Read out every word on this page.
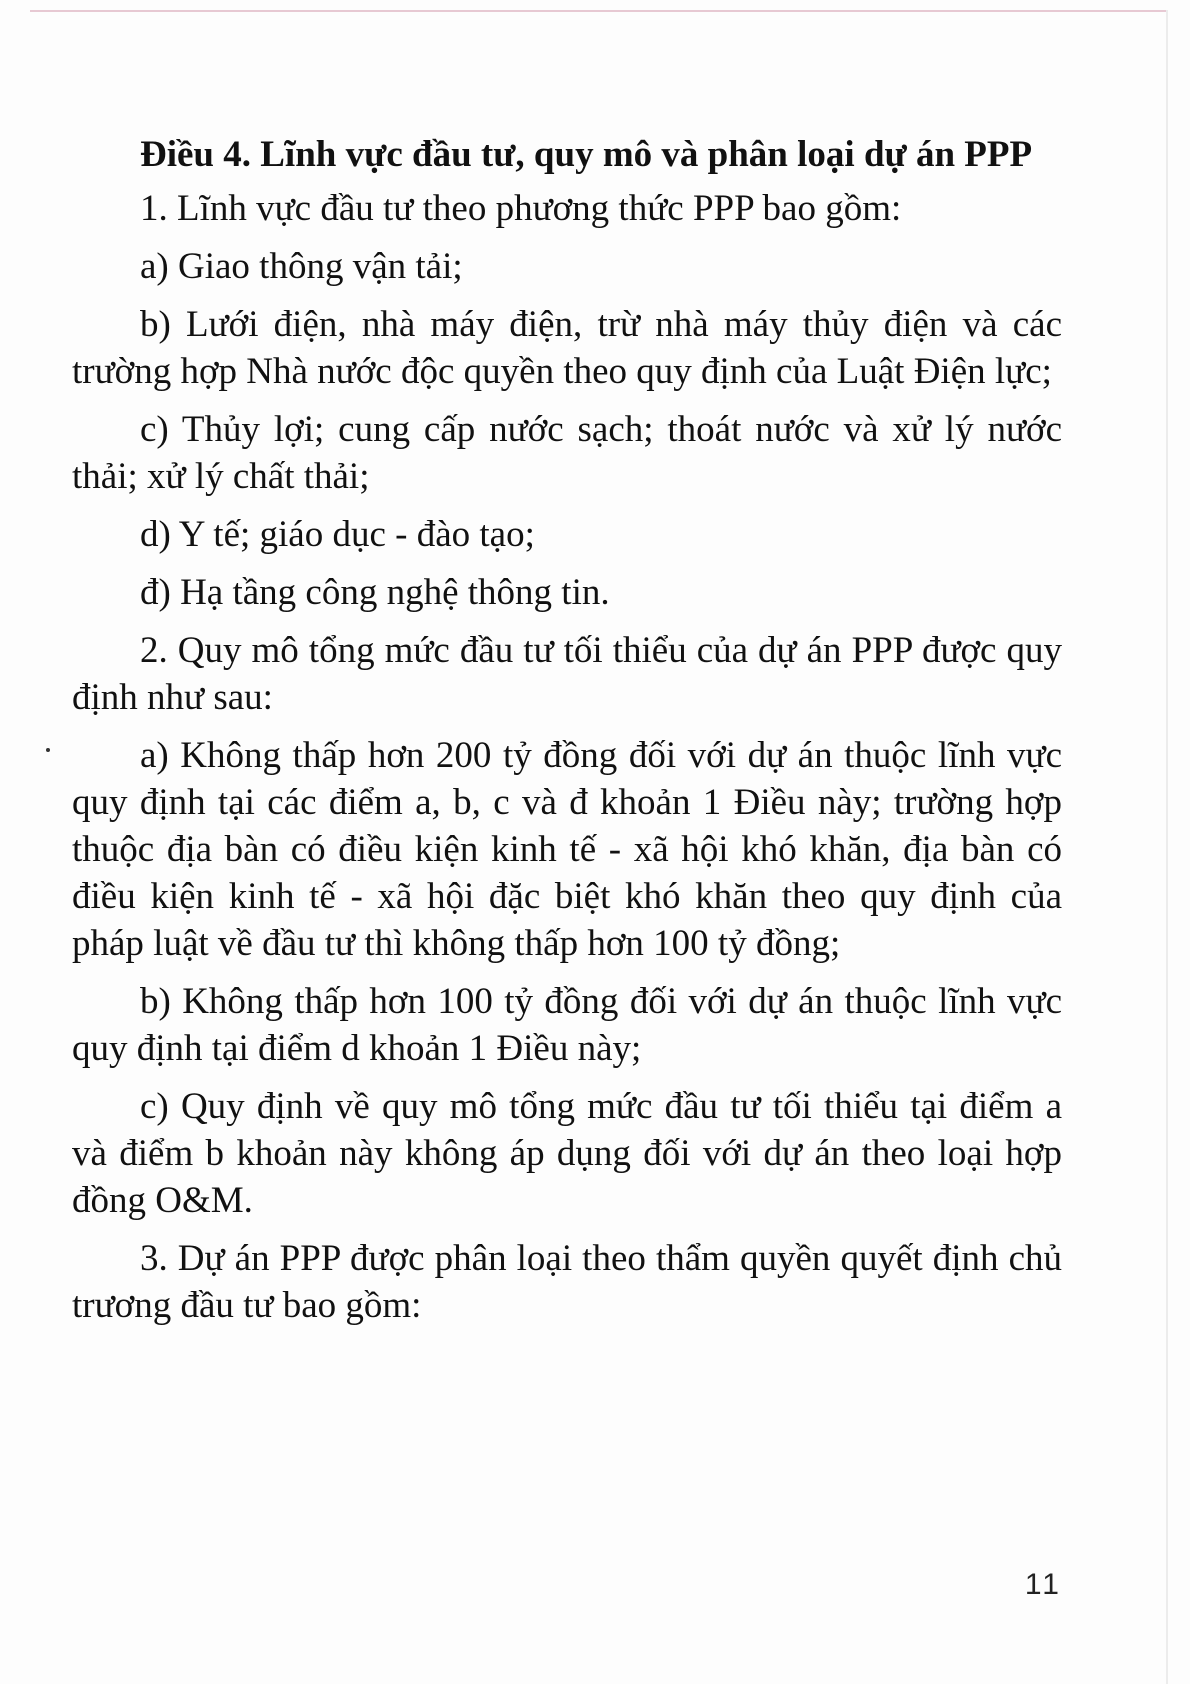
Điều 4. Lĩnh vực đầu tư, quy mô và phân loại dự án PPP

1. Lĩnh vực đầu tư theo phương thức PPP bao gồm:

a) Giao thông vận tải;

b) Lưới điện, nhà máy điện, trừ nhà máy thủy điện và các trường hợp Nhà nước độc quyền theo quy định của Luật Điện lực;

c) Thủy lợi; cung cấp nước sạch; thoát nước và xử lý nước thải; xử lý chất thải;

d) Y tế; giáo dục - đào tạo;

đ) Hạ tầng công nghệ thông tin.

2. Quy mô tổng mức đầu tư tối thiểu của dự án PPP được quy định như sau:

a) Không thấp hơn 200 tỷ đồng đối với dự án thuộc lĩnh vực quy định tại các điểm a, b, c và đ khoản 1 Điều này; trường hợp thuộc địa bàn có điều kiện kinh tế - xã hội khó khăn, địa bàn có điều kiện kinh tế - xã hội đặc biệt khó khăn theo quy định của pháp luật về đầu tư thì không thấp hơn 100 tỷ đồng;

b) Không thấp hơn 100 tỷ đồng đối với dự án thuộc lĩnh vực quy định tại điểm d khoản 1 Điều này;

c) Quy định về quy mô tổng mức đầu tư tối thiểu tại điểm a và điểm b khoản này không áp dụng đối với dự án theo loại hợp đồng O&M.

3. Dự án PPP được phân loại theo thẩm quyền quyết định chủ trương đầu tư bao gồm:

11
